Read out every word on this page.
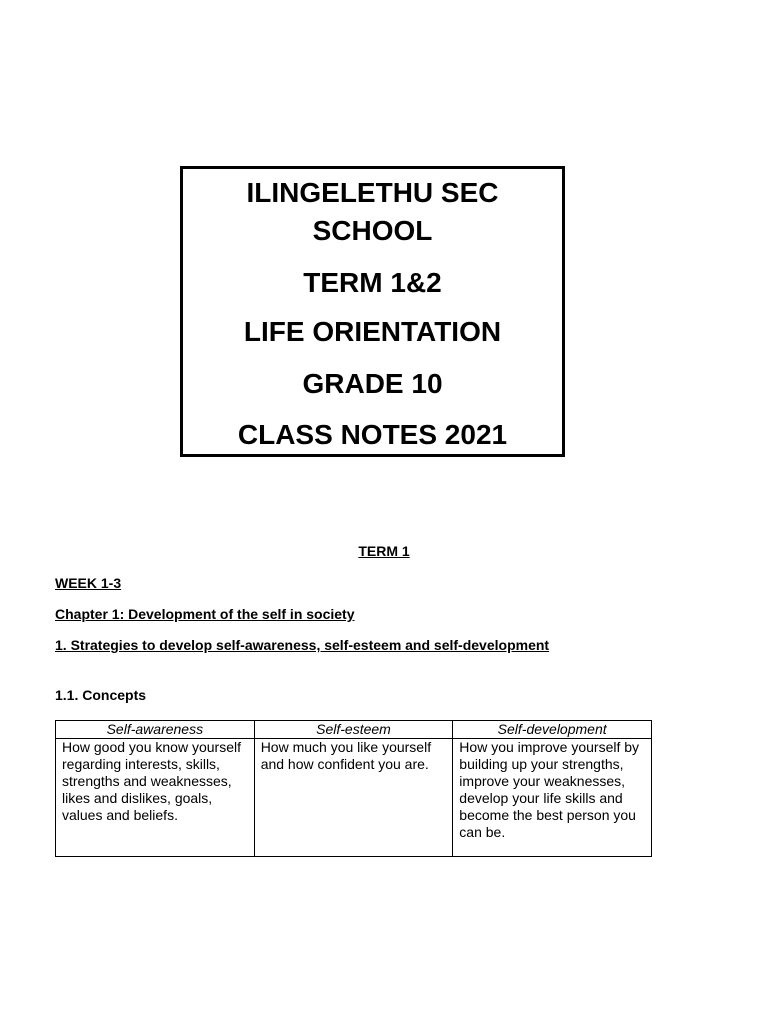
ILINGELETHU SEC
SCHOOL
TERM 1&2
LIFE ORIENTATION
GRADE 10
CLASS NOTES 2021
TERM 1
WEEK 1-3
Chapter 1: Development of the self in society
1. Strategies to develop self-awareness, self-esteem and self-development
1.1. Concepts
Self-awareness	Self-esteem	Self-development
How good you know yourself regarding interests, skills, strengths and weaknesses, likes and dislikes, goals, values and beliefs.	How much you like yourself and how confident you are.	How you improve yourself by building up your strengths, improve your weaknesses, develop your life skills and become the best person you can be.
